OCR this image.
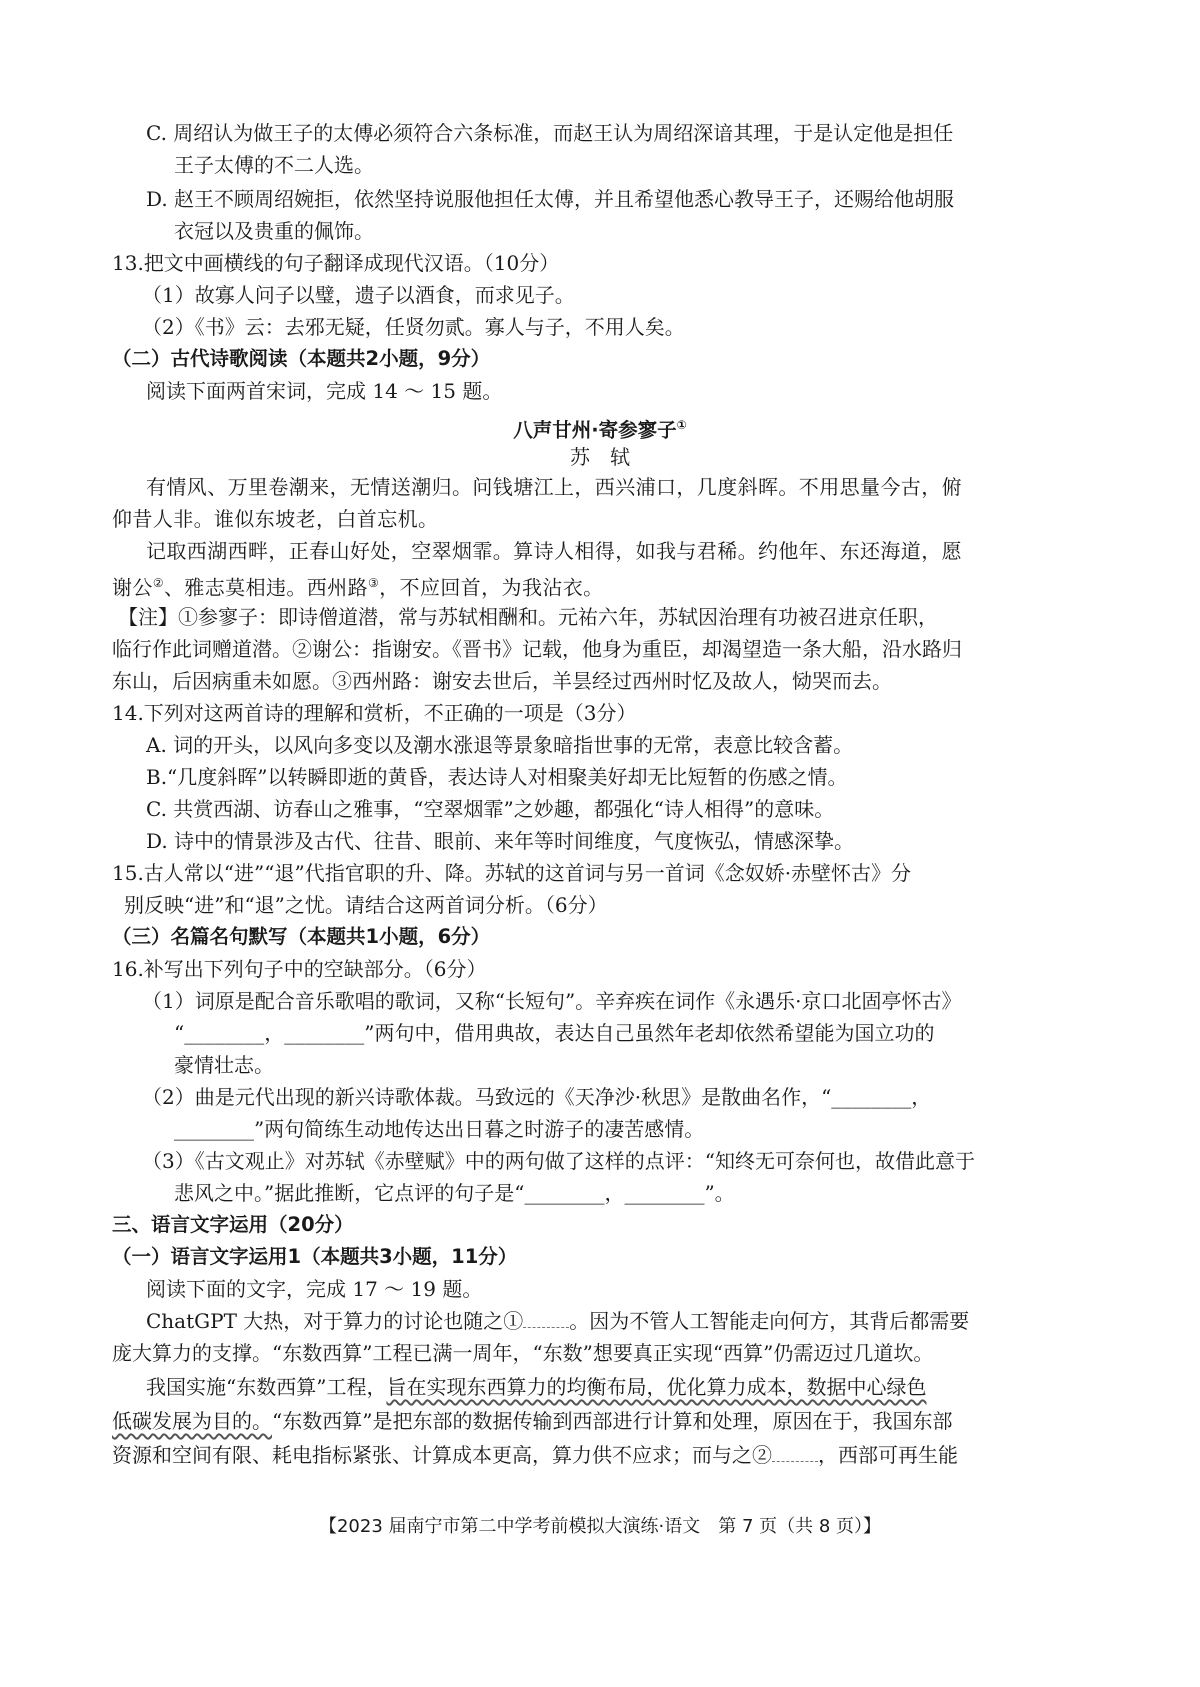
C. 周绍认为做王子的太傅必须符合六条标准，而赵王认为周绍深谙其理，于是认定他是担任
王子太傅的不二人选。
D. 赵王不顾周绍婉拒，依然坚持说服他担任太傅，并且希望他悉心教导王子，还赐给他胡服
衣冠以及贵重的佩饰。
13.把文中画横线的句子翻译成现代汉语。（10分）
（1）故寡人问子以璧，遗子以酒食，而求见子。
（2）《书》云：去邪无疑，任贤勿贰。寡人与子，不用人矣。
（二）古代诗歌阅读（本题共2小题，9分）
阅读下面两首宋词，完成 14 ～ 15 题。
八声甘州·寄参寥子①
苏　轼
有情风、万里卷潮来，无情送潮归。问钱塘江上，西兴浦口，几度斜晖。不用思量今古，俯
仰昔人非。谁似东坡老，白首忘机。
记取西湖西畔，正春山好处，空翠烟霏。算诗人相得，如我与君稀。约他年、东还海道，愿
谢公②、雅志莫相违。西州路③，不应回首，为我沾衣。
【注】①参寥子：即诗僧道潜，常与苏轼相酬和。元祐六年，苏轼因治理有功被召进京任职，
临行作此词赠道潜。②谢公：指谢安。《晋书》记载，他身为重臣，却渴望造一条大船，沿水路归
东山，后因病重未如愿。③西州路：谢安去世后，羊昙经过西州时忆及故人，恸哭而去。
14.下列对这两首诗的理解和赏析，不正确的一项是（3分）
A. 词的开头，以风向多变以及潮水涨退等景象暗指世事的无常，表意比较含蓄。
B.“几度斜晖”以转瞬即逝的黄昏，表达诗人对相聚美好却无比短暂的伤感之情。
C. 共赏西湖、访春山之雅事，“空翠烟霏”之妙趣，都强化“诗人相得”的意味。
D. 诗中的情景涉及古代、往昔、眼前、来年等时间维度，气度恢弘，情感深挚。
15.古人常以“进”“退”代指官职的升、降。苏轼的这首词与另一首词《念奴娇·赤壁怀古》分
别反映“进”和“退”之忧。请结合这两首词分析。（6分）
（三）名篇名句默写（本题共1小题，6分）
16.补写出下列句子中的空缺部分。（6分）
（1）词原是配合音乐歌唱的歌词，又称“长短句”。辛弃疾在词作《永遇乐·京口北固亭怀古》
“________，________”两句中，借用典故，表达自己虽然年老却依然希望能为国立功的
豪情壮志。
（2）曲是元代出现的新兴诗歌体裁。马致远的《天净沙·秋思》是散曲名作，“________，
________”两句简练生动地传达出日暮之时游子的凄苦感情。
（3）《古文观止》对苏轼《赤壁赋》中的两句做了这样的点评：“知终无可奈何也，故借此意于
悲风之中。”据此推断，它点评的句子是“________，________”。
三、语言文字运用（20分）
（一）语言文字运用1（本题共3小题，11分）
阅读下面的文字，完成 17 ～ 19 题。
ChatGPT 大热，对于算力的讨论也随之① 。因为不管人工智能走向何方，其背后都需要
庞大算力的支撑。“东数西算”工程已满一周年，“东数”想要真正实现“西算”仍需迈过几道坎。
我国实施“东数西算”工程，旨在实现东西算力的均衡布局，优化算力成本，数据中心绿色
低碳发展为目的。“东数西算”是把东部的数据传输到西部进行计算和处理，原因在于，我国东部
资源和空间有限、耗电指标紧张、计算成本更高，算力供不应求；而与之② ，西部可再生能
【2023 届南宁市第二中学考前模拟大演练·语文　第 7 页（共 8 页）】
